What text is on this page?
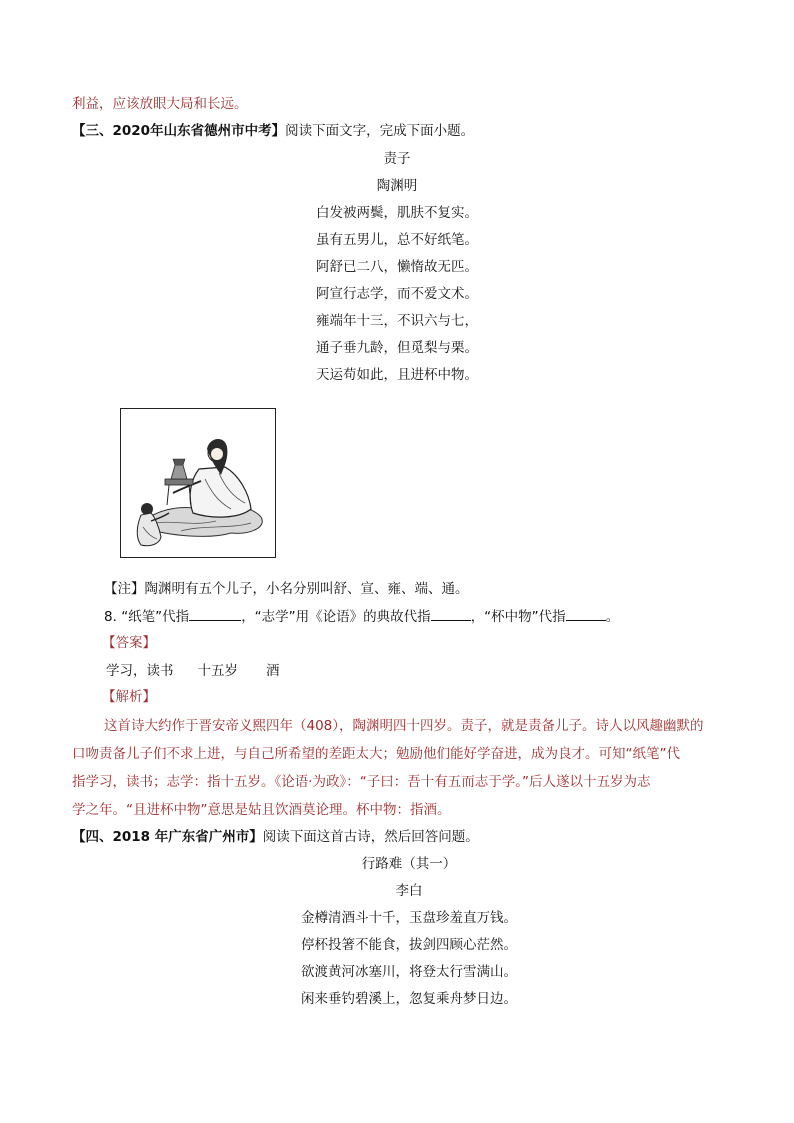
利益，应该放眼大局和长远。
【三、2020年山东省德州市中考】阅读下面文字，完成下面小题。
责子
陶渊明
白发被两鬓，肌肤不复实。
虽有五男儿，总不好纸笔。
阿舒已二八，懒惰故无匹。
阿宣行志学，而不爱文术。
雍端年十三，不识六与七，
通子垂九龄，但觅梨与栗。
天运苟如此，且进杯中物。
【注】陶渊明有五个儿子，小名分别叫舒、宣、雍、端、通。
8. “纸笔”代指	，“志学”用《论语》的典故代指	，“杯中物”代指	。
【答案】
学习，读书 十五岁 酒
【解析】
这首诗大约作于晋安帝义熙四年（408），陶渊明四十四岁。责子，就是责备儿子。诗人以风趣幽默的
口吻责备儿子们不求上进，与自己所希望的差距太大；勉励他们能好学奋进，成为良才。可知“纸笔”代
指学习，读书；志学：指十五岁。《论语·为政》：“子曰：吾十有五而志于学。”后人遂以十五岁为志
学之年。“且进杯中物”意思是姑且饮酒莫论理。杯中物：指酒。
【四、2018 年广东省广州市】阅读下面这首古诗，然后回答问题。
行路难（其一）
李白
金樽清酒斗十千，玉盘珍羞直万钱。
停杯投箸不能食，拔剑四顾心茫然。
欲渡黄河冰塞川，将登太行雪满山。
闲来垂钓碧溪上，忽复乘舟梦日边。
